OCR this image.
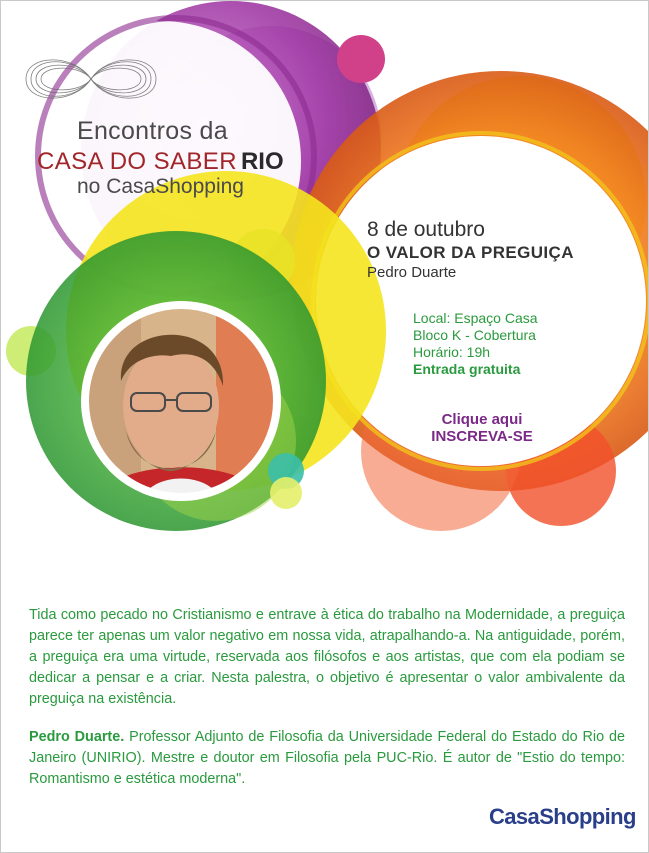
Encontros da
CASA DO SABER RIO
no CasaShopping
8 de outubro
O VALOR DA PREGUIÇA
Pedro Duarte
Local: Espaço Casa
Bloco K - Cobertura
Horário: 19h
Entrada gratuita
Clique aqui
INSCREVA-SE
Tida como pecado no Cristianismo e entrave à ética do trabalho na Modernidade, a preguiça parece ter apenas um valor negativo em nossa vida, atrapalhando-a. Na antiguidade, porém, a preguiça era uma virtude, reservada aos filósofos e aos artistas, que com ela podiam se dedicar a pensar e a criar. Nesta palestra, o objetivo é apresentar o valor ambivalente da preguiça na existência.
Pedro Duarte. Professor Adjunto de Filosofia da Universidade Federal do Estado do Rio de Janeiro (UNIRIO). Mestre e doutor em Filosofia pela PUC-Rio. É autor de "Estio do tempo: Romantismo e estética moderna".
CasaShopping
